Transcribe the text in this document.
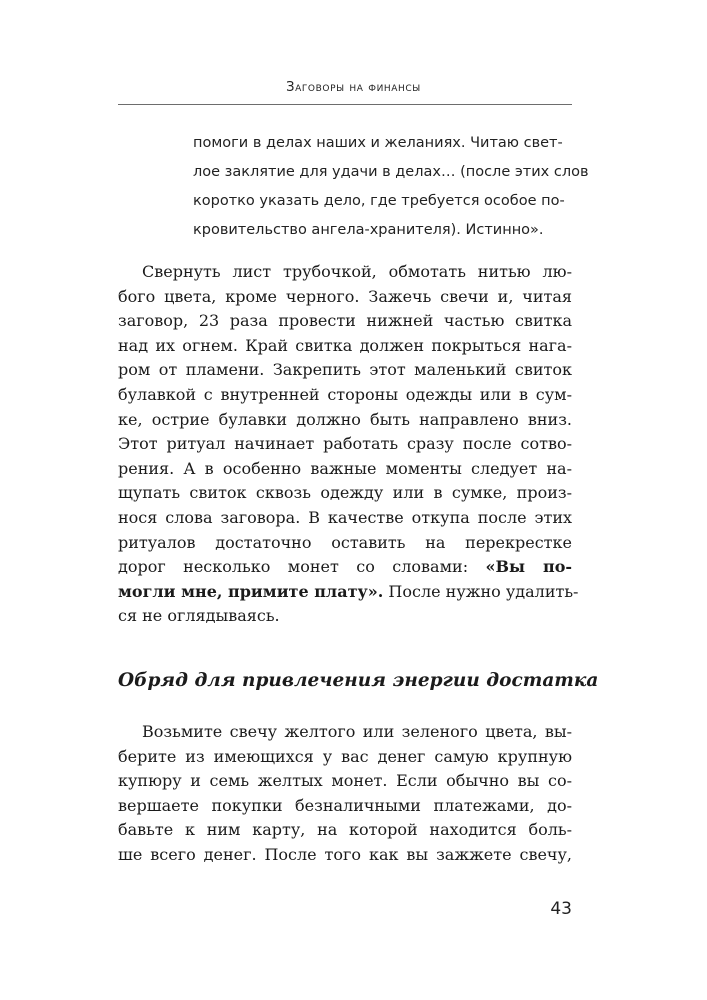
Заговоры на финансы
помоги в делах наших и желаниях. Читаю свет-
лое заклятие для удачи в делах… (после этих слов
коротко указать дело, где требуется особое по-
кровительство ангела-хранителя). Истинно».
Свернуть лист трубочкой, обмотать нитью лю-
бого цвета, кроме черного. Зажечь свечи и, читая
заговор, 23 раза провести нижней частью свитка
над их огнем. Край свитка должен покрыться нага-
ром от пламени. Закрепить этот маленький свиток
булавкой с внутренней стороны одежды или в сум-
ке, острие булавки должно быть направлено вниз.
Этот ритуал начинает работать сразу после сотво-
рения. А в особенно важные моменты следует на-
щупать свиток сквозь одежду или в сумке, произ-
нося слова заговора. В качестве откупа после этих
ритуалов достаточно оставить на перекрестке
дорог несколько монет со словами: «Вы по-
могли мне, примите плату». После нужно удалить-
ся не оглядываясь.
Обряд для привлечения энергии достатка
Возьмите свечу желтого или зеленого цвета, вы-
берите из имеющихся у вас денег самую крупную
купюру и семь желтых монет. Если обычно вы со-
вершаете покупки безналичными платежами, до-
бавьте к ним карту, на которой находится боль-
ше всего денег. После того как вы зажжете свечу,
43
